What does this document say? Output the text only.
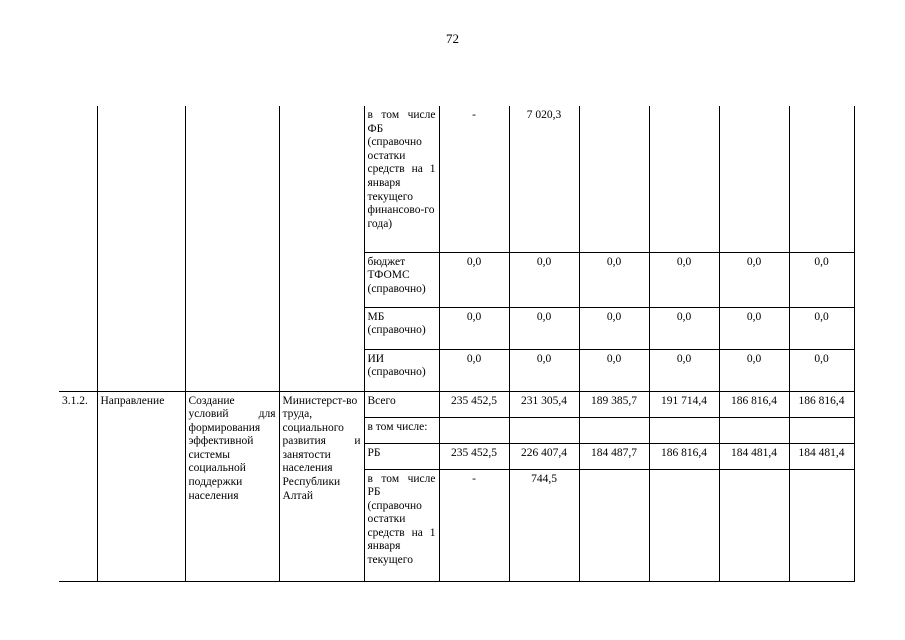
72
				в том числе ФБ (справочно остатки средств на 1 января текущего финансово-го года)	-	7 020,3				
				бюджет ТФОМС (справочно)	0,0	0,0	0,0	0,0	0,0	0,0
				МБ (справочно)	0,0	0,0	0,0	0,0	0,0	0,0
				ИИ (справочно)	0,0	0,0	0,0	0,0	0,0	0,0
3.1.2.	Направление	Создание условий для формирования эффективной системы социальной поддержки населения	Министерст-во труда, социального развития и занятости населения Республики Алтай	Всего	235 452,5	231 305,4	189 385,7	191 714,4	186 816,4	186 816,4
				в том числе:						
				РБ	235 452,5	226 407,4	184 487,7	186 816,4	184 481,4	184 481,4
				в том числе РБ (справочно остатки средств на 1 января текущего	-	744,5				
